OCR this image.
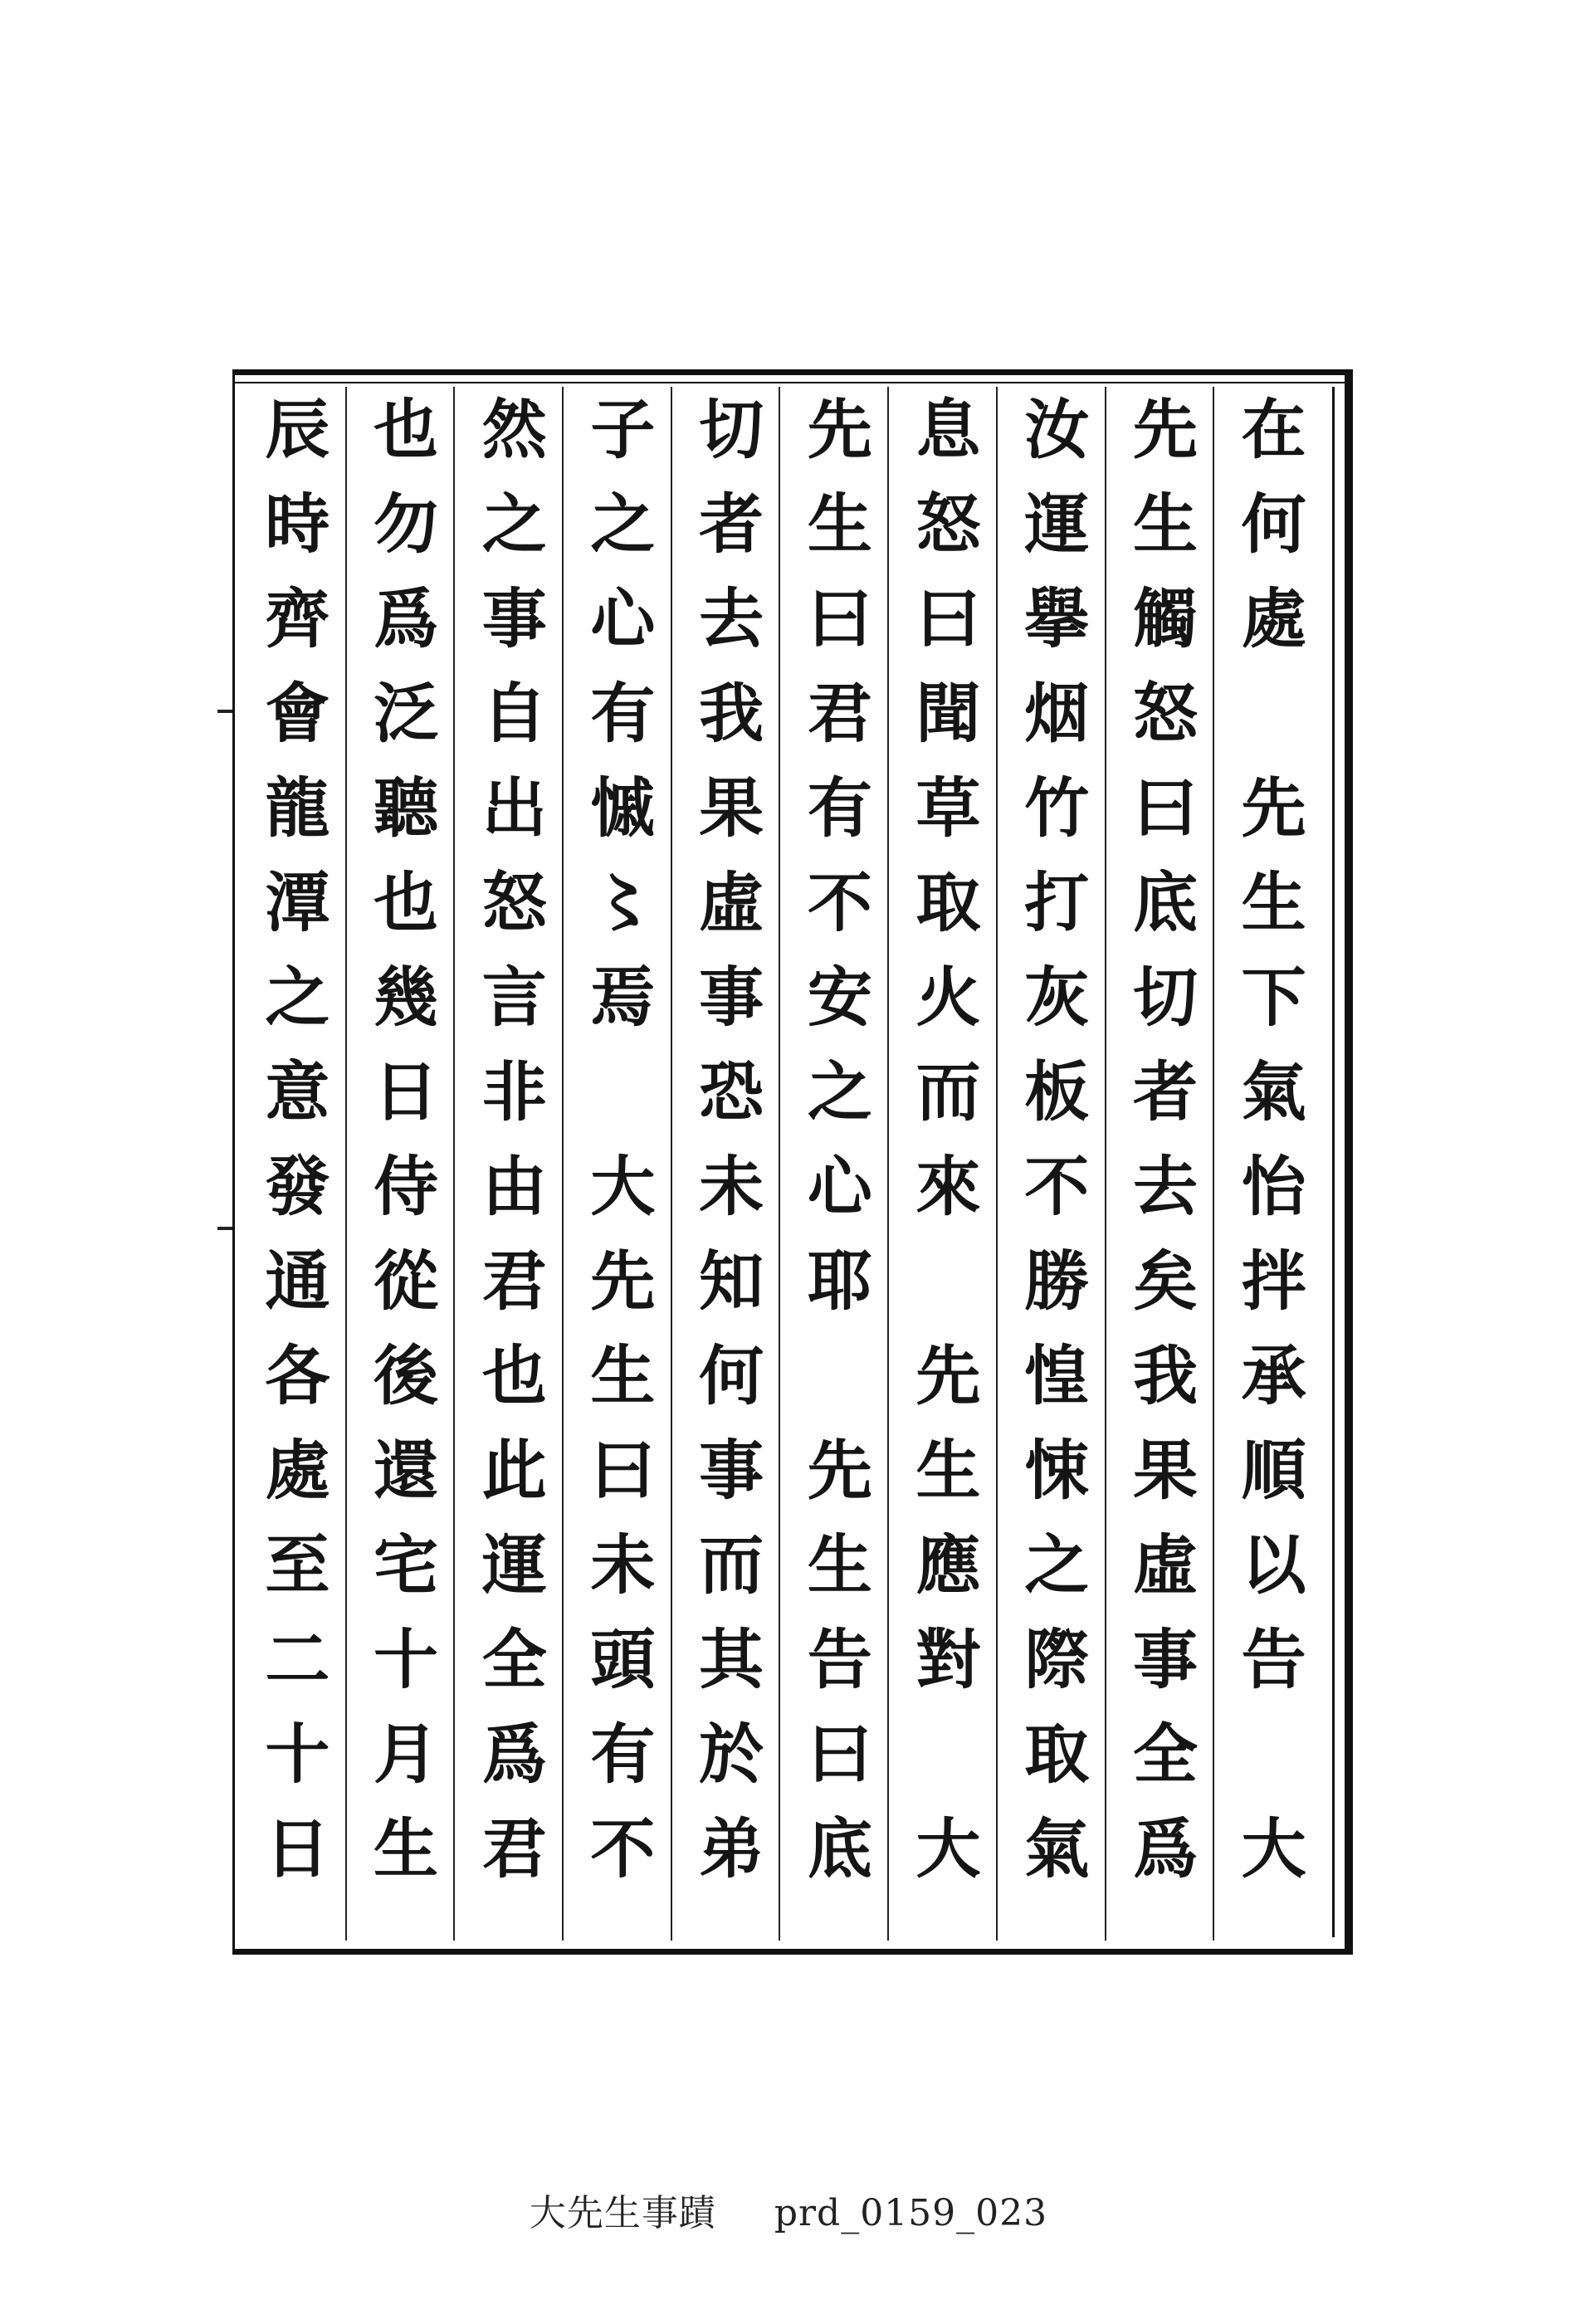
在何處　先生下氣怡拌承順以告　大
先生觸怒曰底切者去矣我果虛事全爲
汝運擧烟竹打灰板不勝惶悚之際取氣
息怒曰聞草取火而來　先生應對　大
先生曰君有不安之心耶　先生告曰底
切者去我果虛事恐未知何事而其於弟
子之心有慽〻焉　大先生曰未頭有不
然之事自出怒言非由君也此運全爲君
也勿爲泛聽也幾日侍從後還宅十月生
辰時齊會龍潭之意發通各處至二十日
大先生事蹟 prd_0159_023
